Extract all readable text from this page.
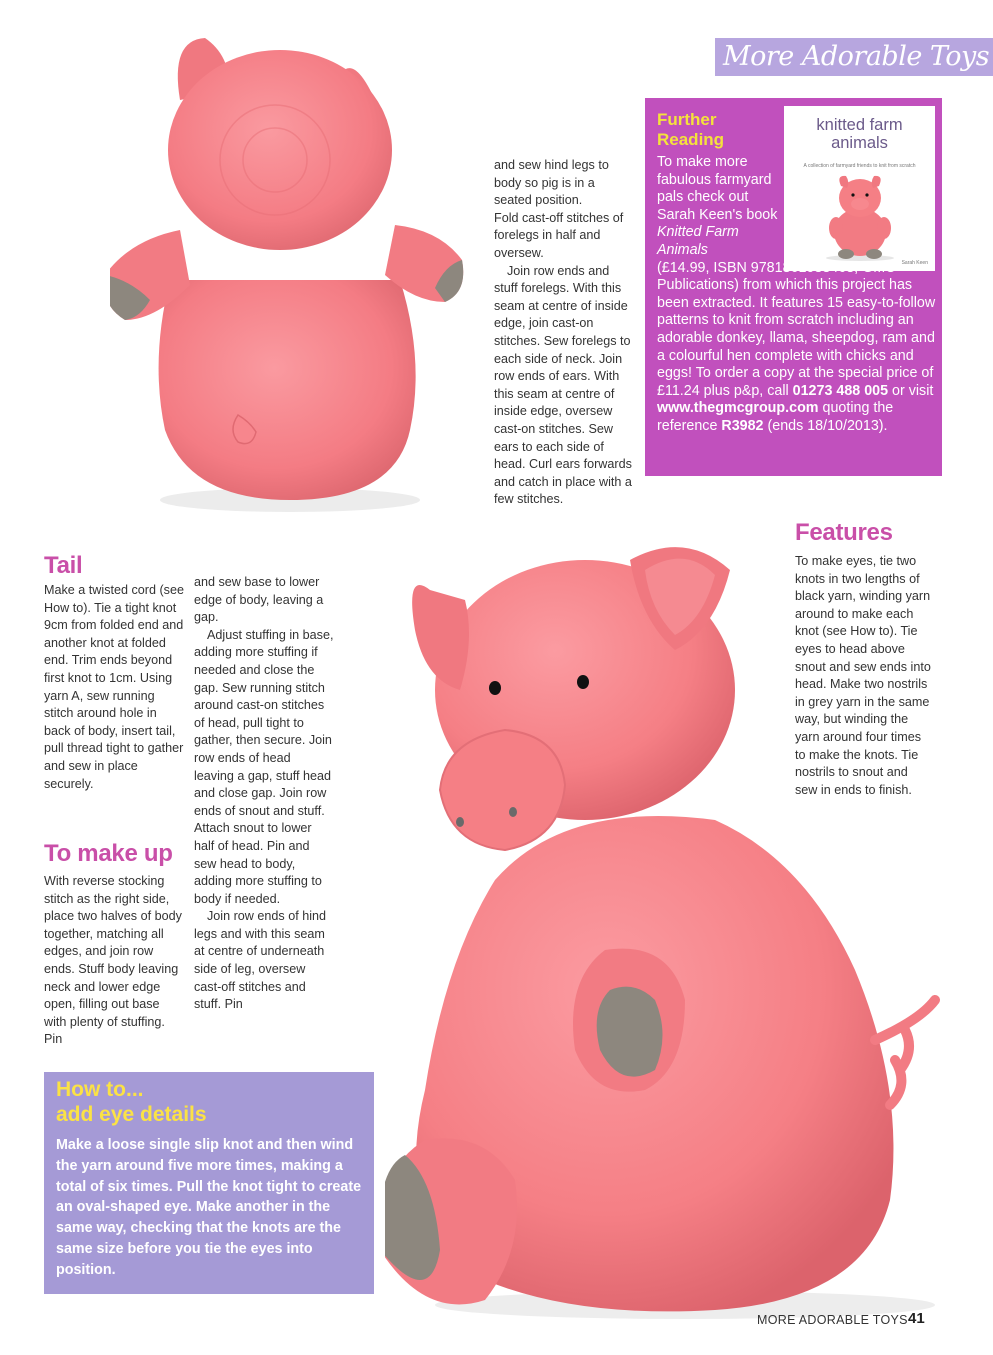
More Adorable Toys
Further
Reading
knitted farm
animals
A collection of farmyard friends to knit from scratch
Sarah Keen
To make more fabulous farmyard pals check out Sarah Keen's book Knitted Farm Animals
(£14.99, ISBN 9781861088468, GMC Publications) from which this project has been extracted. It features 15 easy-to-follow patterns to knit from scratch including an adorable donkey, llama, sheepdog, ram and a colourful hen complete with chicks and eggs! To order a copy at the special price of £11.24 plus p&p, call 01273 488 005 or visit www.thegmcgroup.com quoting the reference R3982 (ends 18/10/2013).

and sew hind legs to body so pig is in a seated position.

Fold cast-off stitches of forelegs in half and oversew.

Join row ends and stuff forelegs. With this seam at centre of inside edge, join cast-on stitches. Sew forelegs to each side of neck. Join row ends of ears. With this seam at centre of inside edge, oversew cast-on stitches. Sew ears to each side of head. Curl ears forwards and catch in place with a few stitches.

Tail
Make a twisted cord (see How to). Tie a tight knot 9cm from folded end and another knot at folded end. Trim ends beyond first knot to 1cm. Using yarn A, sew running stitch around hole in back of body, insert tail, pull thread tight to gather and sew in place securely.
To make up
With reverse stocking stitch as the right side, place two halves of body together, matching all edges, and join row ends. Stuff body leaving neck and lower edge open, filling out base with plenty of stuffing. Pin

and sew base to lower edge of body, leaving a gap.

Adjust stuffing in base, adding more stuffing if needed and close the gap. Sew running stitch around cast-on stitches of head, pull tight to gather, then secure. Join row ends of head leaving a gap, stuff head and close gap. Join row ends of snout and stuff. Attach snout to lower half of head. Pin and sew head to body, adding more stuffing to body if needed.

Join row ends of hind legs and with this seam at centre of underneath side of leg, oversew cast-off stitches and stuff. Pin

Features
To make eyes, tie two knots in two lengths of black yarn, winding yarn around to make each knot (see How to). Tie eyes to head above snout and sew ends into head. Make two nostrils in grey yarn in the same way, but winding the yarn around four times to make the knots. Tie nostrils to snout and sew in ends to finish.
How to...
add eye details
Make a loose single slip knot and then wind the yarn around five more times, making a total of six times. Pull the knot tight to create an oval-shaped eye. Make another in the same way, checking that the knots are the same size before you tie the eyes into position.
MORE ADORABLE TOYS 41
